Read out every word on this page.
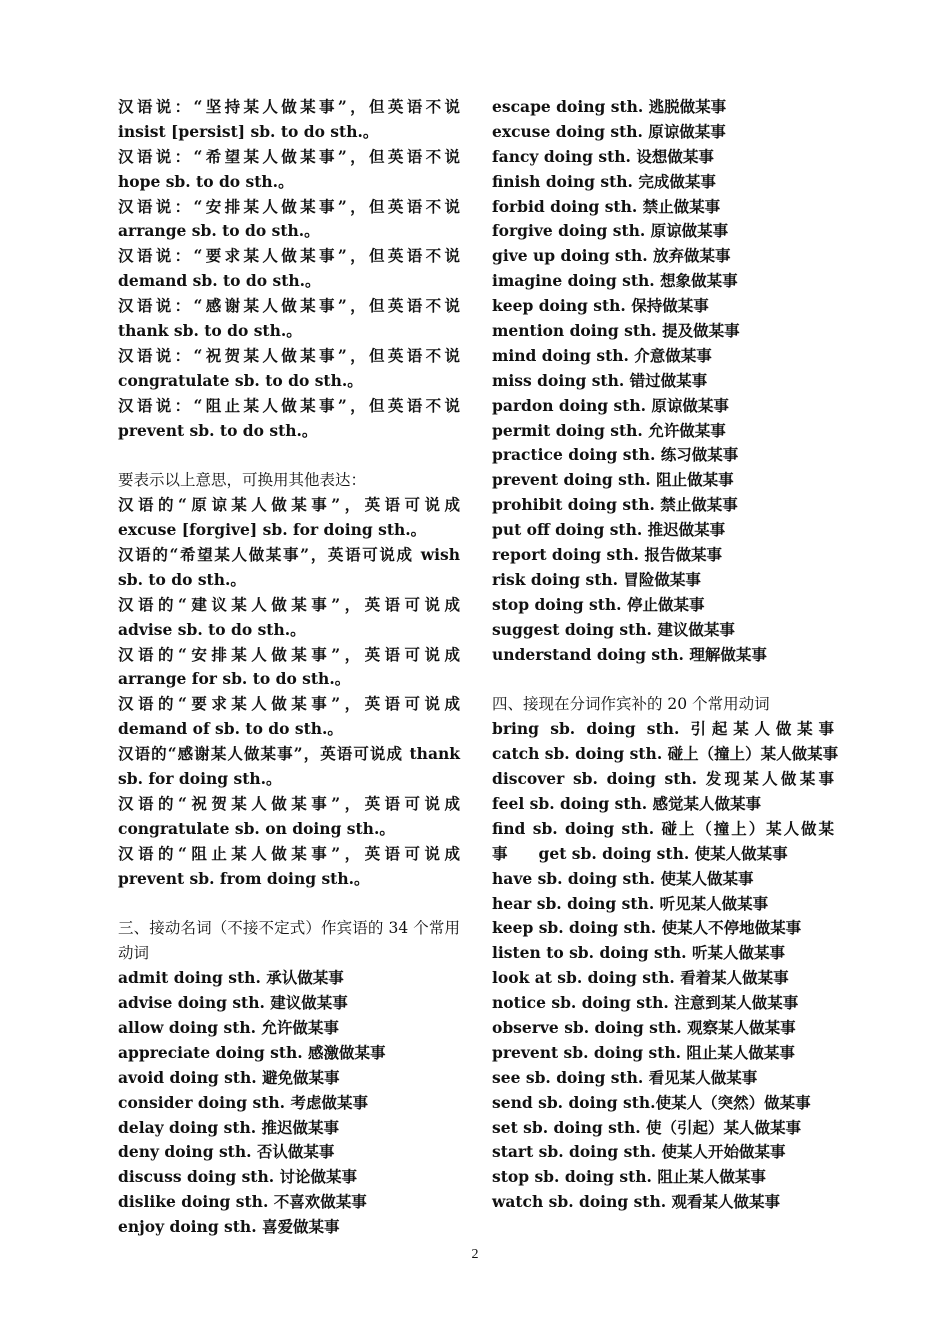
汉语说：“坚持某人做某事”，但英语不说
insist [persist] sb. to do sth.。
汉语说：“希望某人做某事”，但英语不说
hope sb. to do sth.。
汉语说：“安排某人做某事”，但英语不说
arrange sb. to do sth.。
汉语说：“要求某人做某事”，但英语不说
demand sb. to do sth.。
汉语说：“感谢某人做某事”，但英语不说
thank sb. to do sth.。
汉语说：“祝贺某人做某事”，但英语不说
congratulate sb. to do sth.。
汉语说：“阻止某人做某事”，但英语不说
prevent sb. to do sth.。
要表示以上意思，可换用其他表达：
汉语的“原谅某人做某事”，英语可说成
excuse [forgive] sb. for doing sth.。
汉语的“希望某人做某事”，英语可说成 wish
sb. to do sth.。
汉语的“建议某人做某事”，英语可说成
advise sb. to do sth.。
汉语的“安排某人做某事”，英语可说成
arrange for sb. to do sth.。
汉语的“要求某人做某事”，英语可说成
demand of sb. to do sth.。
汉语的“感谢某人做某事”，英语可说成 thank
sb. for doing sth.。
汉语的“祝贺某人做某事”，英语可说成
congratulate sb. on doing sth.。
汉语的“阻止某人做某事”，英语可说成
prevent sb. from doing sth.。
三、接动名词（不接不定式）作宾语的 34 个常用
动词
admit doing sth. 承认做某事
advise doing sth. 建议做某事
allow doing sth. 允许做某事
appreciate doing sth. 感激做某事
avoid doing sth. 避免做某事
consider doing sth. 考虑做某事
delay doing sth. 推迟做某事
deny doing sth. 否认做某事
discuss doing sth. 讨论做某事
dislike doing sth. 不喜欢做某事
enjoy doing sth. 喜爱做某事
escape doing sth. 逃脱做某事
excuse doing sth. 原谅做某事
fancy doing sth. 设想做某事
finish doing sth. 完成做某事
forbid doing sth. 禁止做某事
forgive doing sth. 原谅做某事
give up doing sth. 放弃做某事
imagine doing sth. 想象做某事
keep doing sth. 保持做某事
mention doing sth. 提及做某事
mind doing sth. 介意做某事
miss doing sth. 错过做某事
pardon doing sth. 原谅做某事
permit doing sth. 允许做某事
practice doing sth. 练习做某事
prevent doing sth. 阻止做某事
prohibit doing sth. 禁止做某事
put off doing sth. 推迟做某事
report doing sth. 报告做某事
risk doing sth. 冒险做某事
stop doing sth. 停止做某事
suggest doing sth. 建议做某事
understand doing sth. 理解做某事
四、接现在分词作宾补的 20 个常用动词
bring sb. doing sth. 引起某人做某事
catch sb. doing sth. 碰上（撞上）某人做某事
discover sb. doing sth. 发现某人做某事
feel sb. doing sth. 感觉某人做某事
find sb. doing sth. 碰上（撞上）某人做某
事　　get sb. doing sth. 使某人做某事
have sb. doing sth. 使某人做某事
hear sb. doing sth. 听见某人做某事
keep sb. doing sth. 使某人不停地做某事
listen to sb. doing sth. 听某人做某事
look at sb. doing sth. 看着某人做某事
notice sb. doing sth. 注意到某人做某事
observe sb. doing sth. 观察某人做某事
prevent sb. doing sth. 阻止某人做某事
see sb. doing sth. 看见某人做某事
send sb. doing sth.使某人（突然）做某事
set sb. doing sth. 使（引起）某人做某事
start sb. doing sth. 使某人开始做某事
stop sb. doing sth. 阻止某人做某事
watch sb. doing sth. 观看某人做某事
2
